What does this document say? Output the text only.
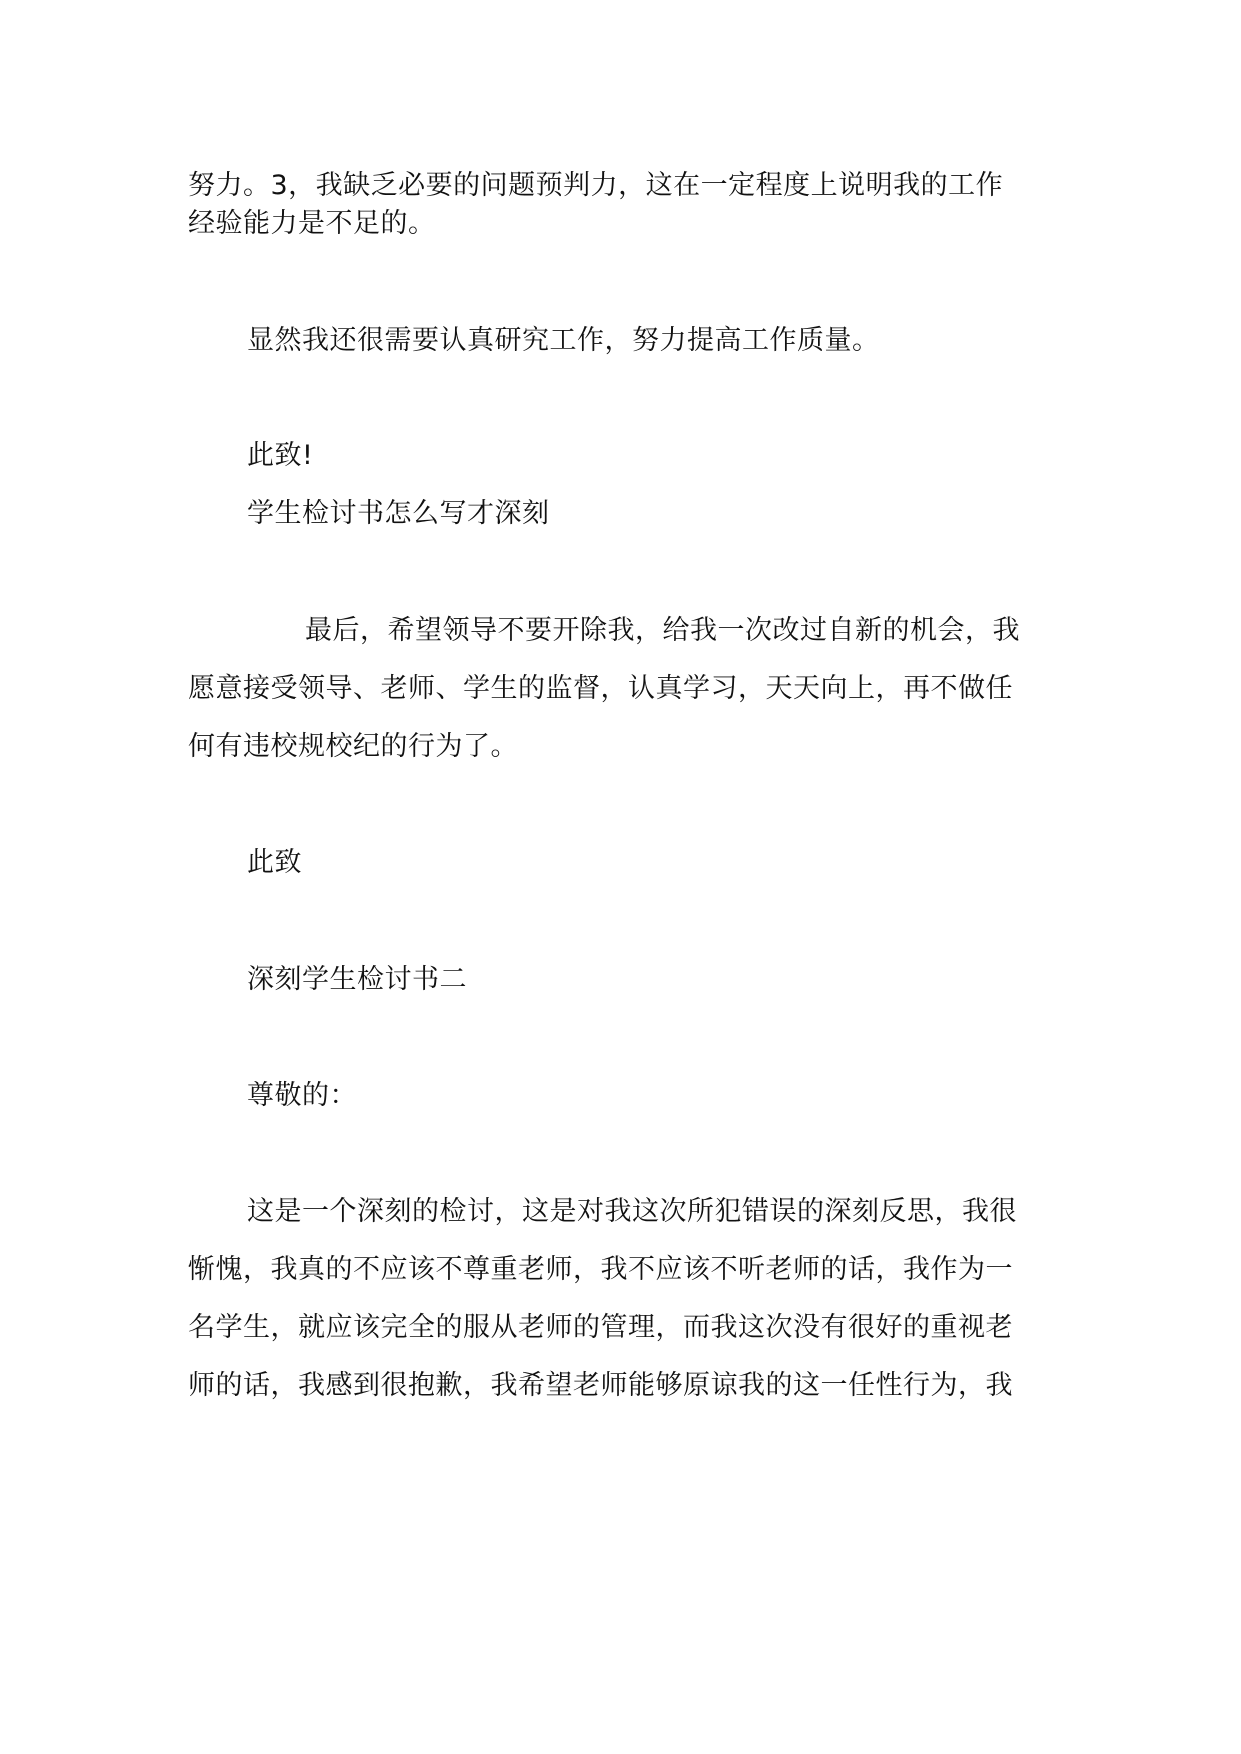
努力。3，我缺乏必要的问题预判力，这在一定程度上说明我的工作
经验能力是不足的。
显然我还很需要认真研究工作，努力提高工作质量。
此致!
学生检讨书怎么写才深刻
最后，希望领导不要开除我，给我一次改过自新的机会，我
愿意接受领导、老师、学生的监督，认真学习，天天向上，再不做任
何有违校规校纪的行为了。
此致
深刻学生检讨书二
尊敬的：
这是一个深刻的检讨，这是对我这次所犯错误的深刻反思，我很
惭愧，我真的不应该不尊重老师，我不应该不听老师的话，我作为一
名学生，就应该完全的服从老师的管理，而我这次没有很好的重视老
师的话，我感到很抱歉，我希望老师能够原谅我的这一任性行为，我
